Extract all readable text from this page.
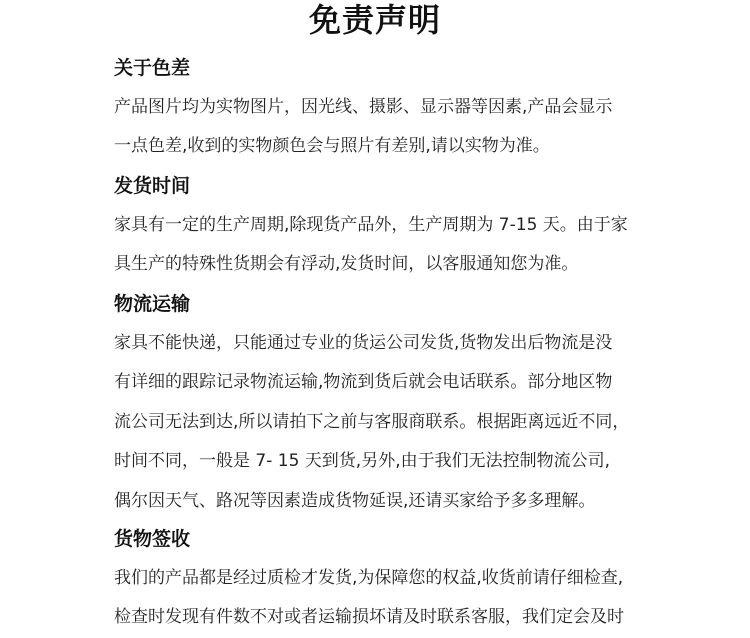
免责声明
关于色差
产品图片均为实物图片，因光线、摄影、显示器等因素,产品会显示
一点色差,收到的实物颜色会与照片有差别,请以实物为准。
发货时间
家具有一定的生产周期,除现货产品外，生产周期为 7-15 天。由于家
具生产的特殊性货期会有浮动,发货时间，以客服通知您为准。
物流运输
家具不能快递，只能通过专业的货运公司发货,货物发出后物流是没
有详细的跟踪记录物流运输,物流到货后就会电话联系。部分地区物
流公司无法到达,所以请拍下之前与客服商联系。根据距离远近不同，
时间不同，一般是 7- 15 天到货,另外,由于我们无法控制物流公司,
偶尔因天气、路况等因素造成货物延误,还请买家给予多多理解。
货物签收
我们的产品都是经过质检才发货,为保障您的权益,收货前请仔细检查,
检查时发现有件数不对或者运输损坏请及时联系客服，我们定会及时
